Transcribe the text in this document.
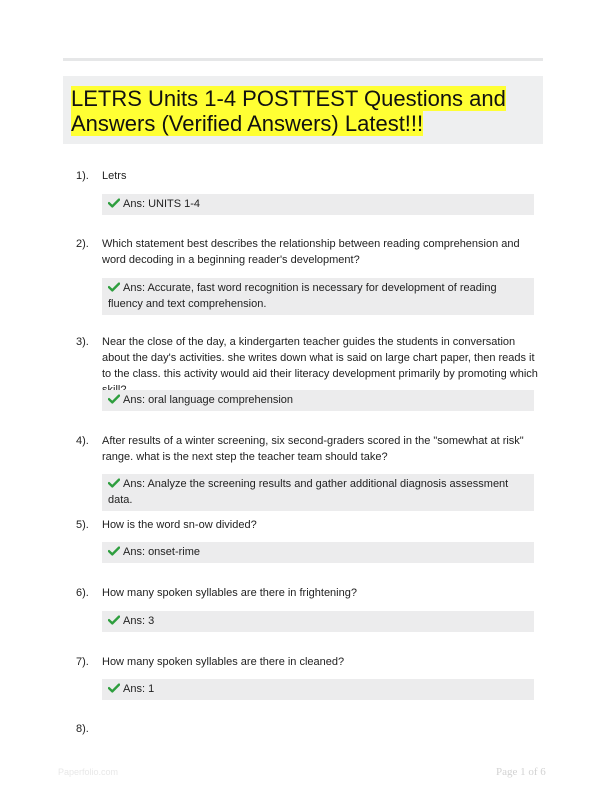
LETRS Units 1-4 POSTTEST Questions and Answers (Verified Answers) Latest!!!
1). Letrs
Ans: UNITS 1-4
2). Which statement best describes the relationship between reading comprehension and word decoding in a beginning reader's development?
Ans: Accurate, fast word recognition is necessary for development of reading fluency and text comprehension.
3). Near the close of the day, a kindergarten teacher guides the students in conversation about the day's activities. she writes down what is said on large chart paper, then reads it to the class. this activity would aid their literacy development primarily by promoting which
Ans: oral language comprehension
4). After results of a winter screening, six second-graders scored in the "somewhat at risk" range. what is the next step the teacher team should take?
Ans: Analyze the screening results and gather additional diagnosis assessment data.
5). How is the word sn-ow divided?
Ans: onset-rime
6). How many spoken syllables are there in frightening?
Ans: 3
7). How many spoken syllables are there in cleaned?
Ans: 1
8).
Paperfolio.com	Page 1 of 6
